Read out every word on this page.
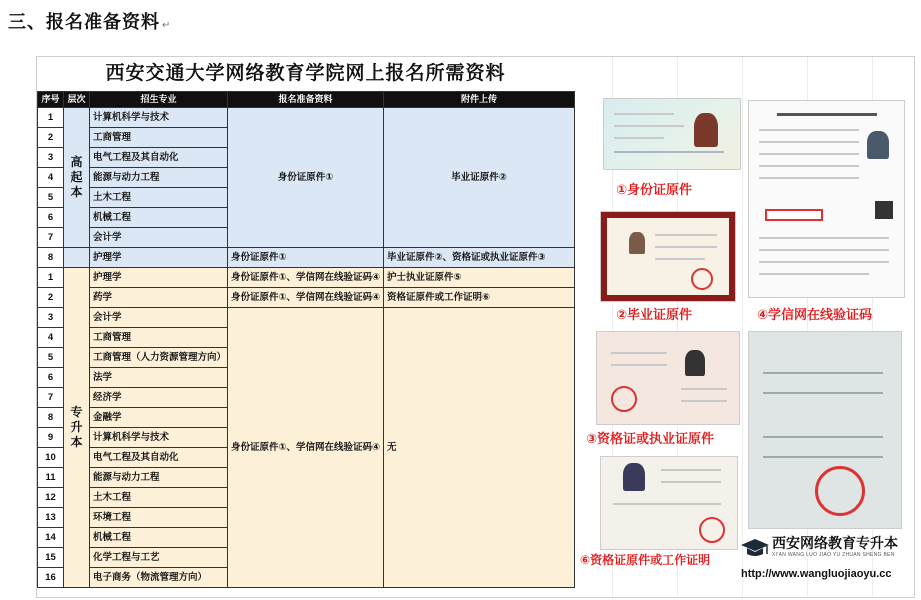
三、报名准备资料 ↵
西安交通大学网络教育学院网上报名所需资料
序号	层次	招生专业	报名准备资料	附件上传
1	高起本	计算机科学与技术	身份证原件①	毕业证原件②
2		工商管理		
3		电气工程及其自动化		
4		能源与动力工程		
5		土木工程		
6		机械工程		
7		会计学		
8		护理学	身份证原件①	毕业证原件②、资格证或执业证原件③
1	专升本	护理学	身份证原件①、学信网在线验证码④	护士执业证原件⑤
2		药学	身份证原件①、学信网在线验证码④	资格证原件或工作证明⑥
3		会计学	身份证原件①、学信网在线验证码④	无
4		工商管理		
5		工商管理（人力资源管理方向）		
6		法学		
7		经济学		
8		金融学		
9		计算机科学与技术		
10		电气工程及其自动化		
11		能源与动力工程		
12		土木工程		
13		环境工程		
14		机械工程		
15		化学工程与工艺		
16		电子商务（物流管理方向）		
①身份证原件
②毕业证原件	④学信网在线验证码
③资格证或执业证原件
⑥资格证原件或工作证明
西安网络教育专升本
XI'AN WANG LUO JIAO YU ZHUAN SHENG BEN
http://www.wangluojiaoyu.cc
